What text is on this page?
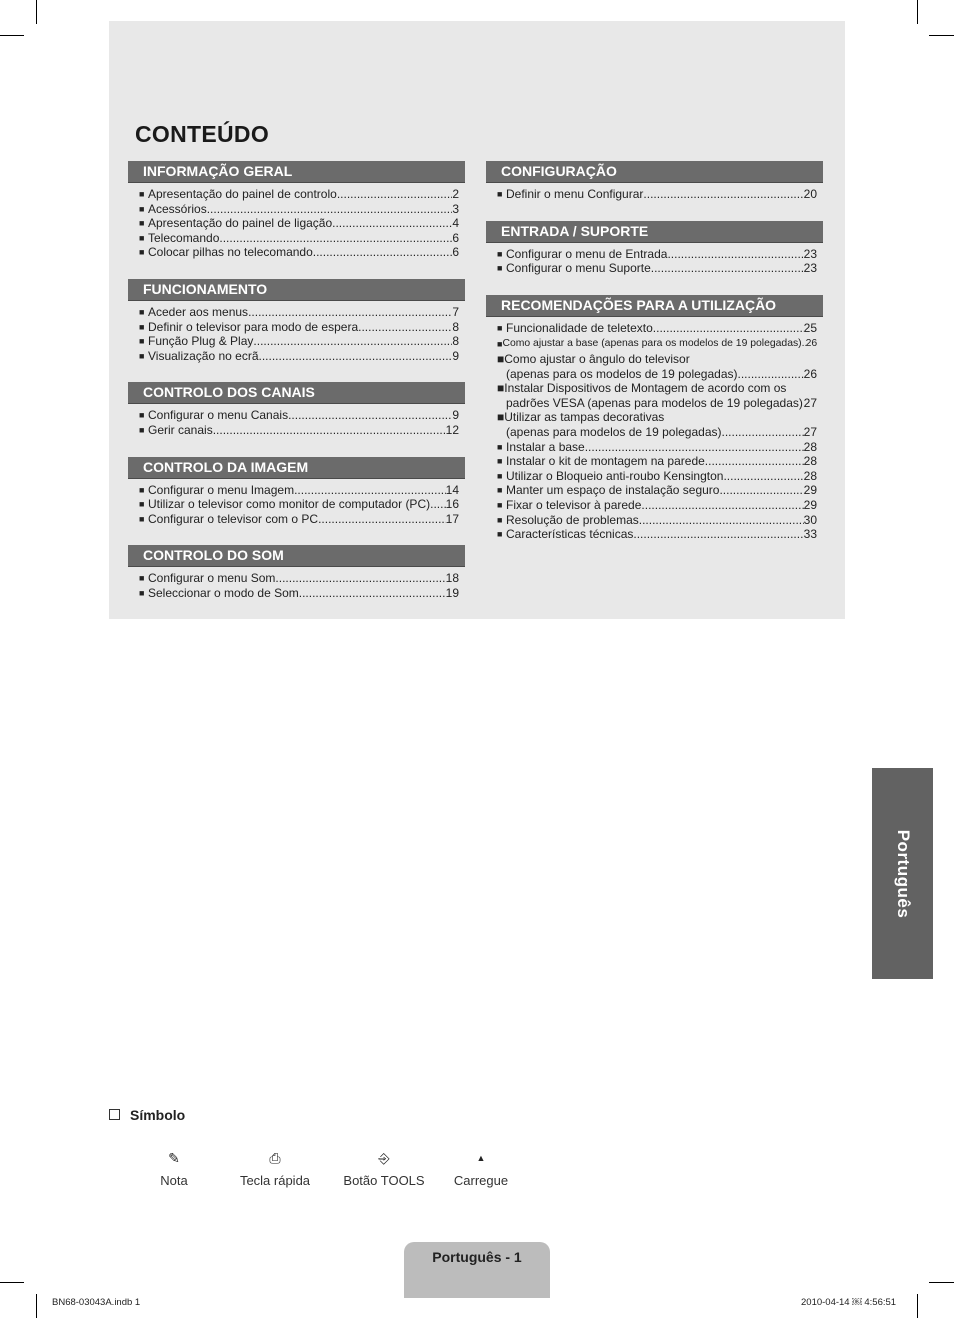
CONTEÚDO
INFORMAÇÃO GERAL
■ Apresentação do painel de controlo .....	2
■ Acessórios .....	3
■ Apresentação do painel de ligação .....	4
■ Telecomando .....	6
■ Colocar pilhas no telecomando .....	6
FUNCIONAMENTO
■ Aceder aos menus .....	7
■ Definir o televisor para modo de espera .....	8
■ Função Plug & Play .....	8
■ Visualização no ecrã .....	9
CONTROLO DOS CANAIS
■ Configurar o menu Canais .....	9
■ Gerir canais .....	12
CONTROLO DA IMAGEM
■ Configurar o menu Imagem .....	14
■ Utilizar o televisor como monitor de computador (PC) ..... 16
■ Configurar o televisor com o PC .....	17
CONTROLO DO SOM
■ Configurar o menu Som .....	18
■ Seleccionar o modo de Som .....	19
CONFIGURAÇÃO
■ Definir o menu Configurar .....	20
ENTRADA / SUPORTE
■ Configurar o menu de Entrada .....	23
■ Configurar o menu Suporte .....	23
RECOMENDAÇÕES PARA A UTILIZAÇÃO
■ Funcionalidade de teletexto .....	25
■ Como ajustar a base (apenas para os modelos de 19 polegadas) ..... 26
■Como ajustar o ângulo do televisor
(apenas para os modelos de 19 polegadas) .....	26
■Instalar Dispositivos de Montagem de acordo com os
padrões VESA (apenas para modelos de 19 polegadas) ..... 27
■Utilizar as tampas decorativas
(apenas para modelos de 19 polegadas) .....	27
■ Instalar a base .....	28
■ Instalar o kit de montagem na parede .....	28
■ Utilizar o Bloqueio anti-roubo Kensington .....	28
■ Manter um espaço de instalação seguro .....	29
■ Fixar o televisor à parede .....	29
■ Resolução de problemas .....	30
■ Características técnicas .....	33
Português
Símbolo
✎
Nota
⎙
Tecla rápida
⎆
Botão TOOLS
▲
Carregue
Português - 1
BN68-03043A.indb 1	2010-04-14 ￼ 4:56:51
